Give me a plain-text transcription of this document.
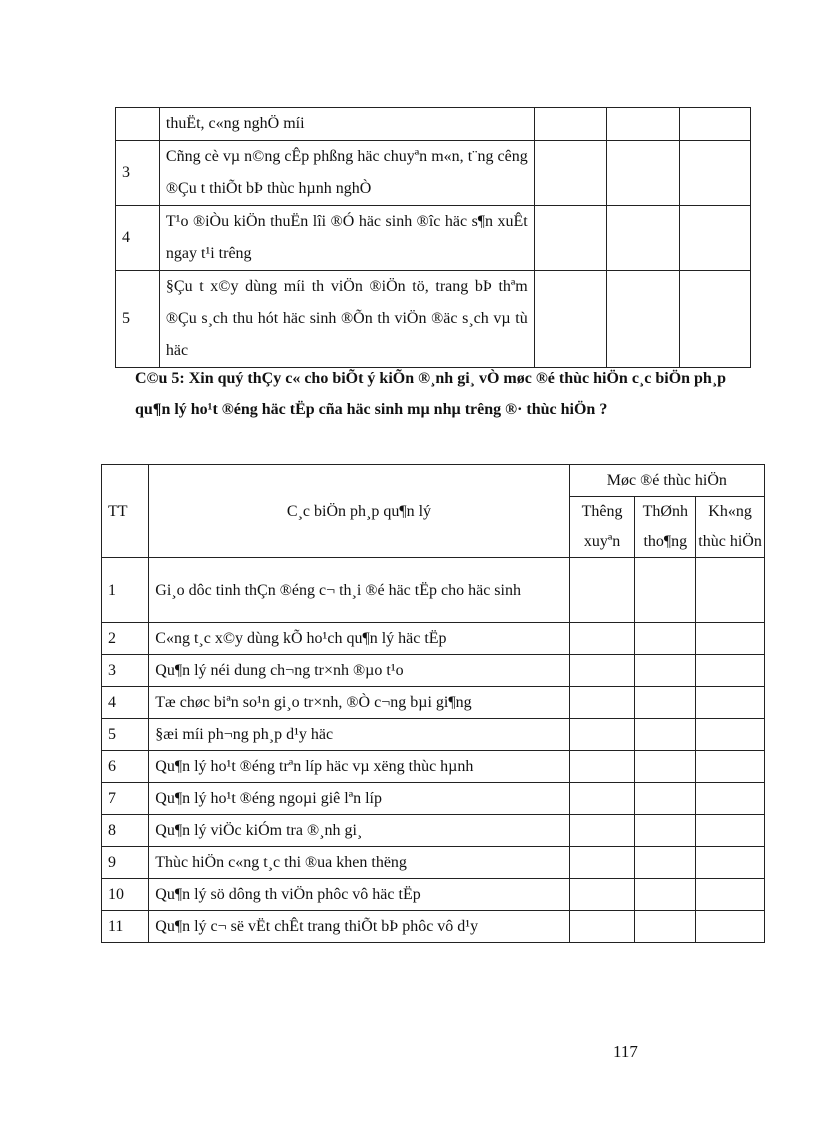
	thuËt, c«ng nghÖ míi			
3	Cñng cè vµ n©ng cÊp phßng häc chuyªn m«n, t¨ng cêng ®Çu t thiÕt bÞ thùc hµnh nghÒ			
4	T¹o ®iÒu kiÖn thuËn lîi ®Ó häc sinh ®îc häc s¶n xuÊt ngay t¹i trêng			
5	§Çu t x©y dùng míi th viÖn ®iÖn tö, trang bÞ thªm ®Çu s¸ch thu hót häc sinh ®Õn th viÖn ®äc s¸ch vµ tù häc			

C©u 5: Xin quý thÇy c« cho biÕt ý kiÕn ®¸nh gi¸ vÒ møc ®é thùc hiÖn c¸c biÖn ph¸p qu¶n lý ho¹t ®éng häc tËp cña häc sinh mµ nhµ trêng ®· thùc hiÖn ?

TT	C¸c biÖn ph¸p qu¶n lý	Møc ®é thùc hiÖn		
		Thêng xuyªn	ThØnh tho¶ng	Kh«ng thùc hiÖn
1	Gi¸o dôc tinh thÇn ®éng c¬ th¸i ®é häc tËp cho häc sinh			
2	C«ng t¸c x©y dùng kÕ ho¹ch qu¶n lý häc tËp			
3	Qu¶n lý néi dung ch¬ng tr×nh ®µo t¹o			
4	Tæ chøc biªn so¹n gi¸o tr×nh, ®Ò c¬ng bµi gi¶ng			
5	§æi míi ph¬ng ph¸p d¹y häc			
6	Qu¶n lý ho¹t ®éng trªn líp häc vµ xëng thùc hµnh			
7	Qu¶n lý ho¹t ®éng ngoµi giê lªn líp			
8	Qu¶n lý viÖc kiÓm tra ®¸nh gi¸			
9	Thùc hiÖn c«ng t¸c thi ®ua khen thëng			
10	Qu¶n lý sö dông th viÖn phôc vô häc tËp			
11	Qu¶n lý c¬ së vËt chÊt trang thiÕt bÞ phôc vô d¹y			
117
